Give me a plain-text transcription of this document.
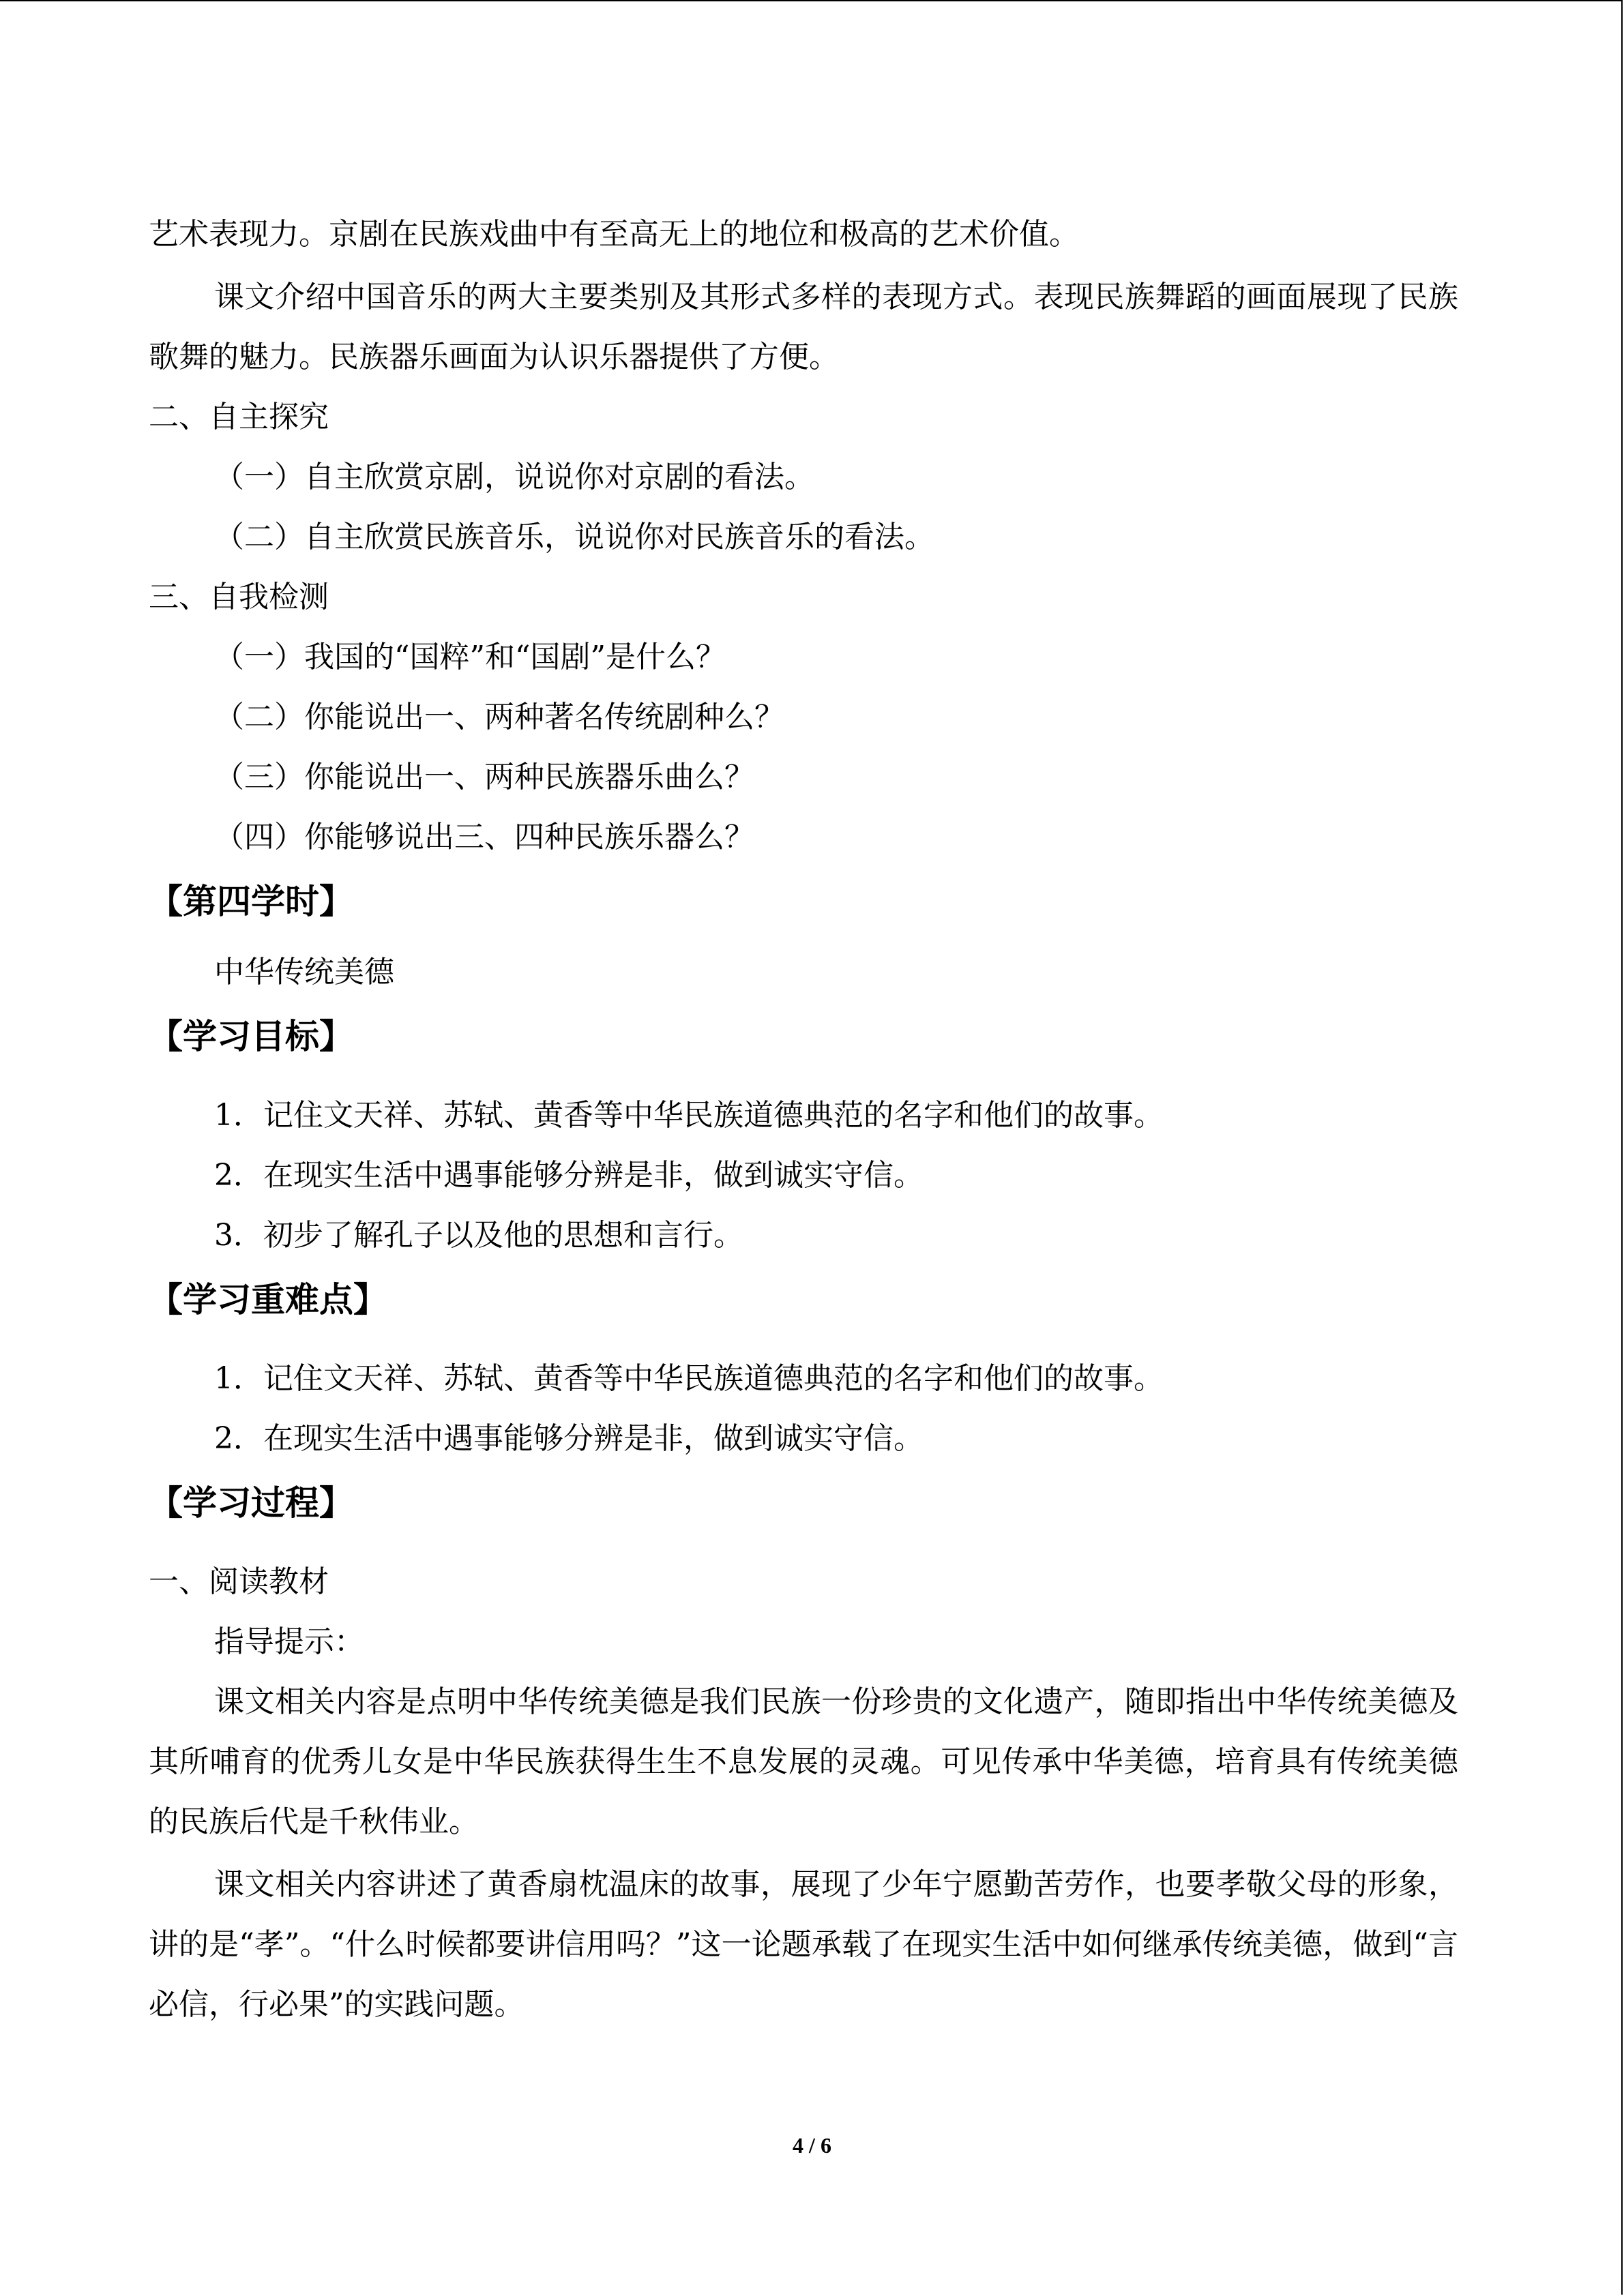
艺术表现力。京剧在民族戏曲中有至高无上的地位和极高的艺术价值。

课文介绍中国音乐的两大主要类别及其形式多样的表现方式。表现民族舞蹈的画面展现了民族歌舞的魅力。民族器乐画面为认识乐器提供了方便。

二、自主探究

（一）自主欣赏京剧，说说你对京剧的看法。

（二）自主欣赏民族音乐，说说你对民族音乐的看法。

三、自我检测

（一）我国的“国粹”和“国剧”是什么？

（二）你能说出一、两种著名传统剧种么？

（三）你能说出一、两种民族器乐曲么？

（四）你能够说出三、四种民族乐器么？

【第四学时】

中华传统美德

【学习目标】

1．记住文天祥、苏轼、黄香等中华民族道德典范的名字和他们的故事。

2．在现实生活中遇事能够分辨是非，做到诚实守信。

3．初步了解孔子以及他的思想和言行。

【学习重难点】

1．记住文天祥、苏轼、黄香等中华民族道德典范的名字和他们的故事。

2．在现实生活中遇事能够分辨是非，做到诚实守信。

【学习过程】

一、阅读教材

指导提示：

课文相关内容是点明中华传统美德是我们民族一份珍贵的文化遗产，随即指出中华传统美德及其所哺育的优秀儿女是中华民族获得生生不息发展的灵魂。可见传承中华美德，培育具有传统美德的民族后代是千秋伟业。

课文相关内容讲述了黄香扇枕温床的故事，展现了少年宁愿勤苦劳作，也要孝敬父母的形象，讲的是“孝”。“什么时候都要讲信用吗？”这一论题承载了在现实生活中如何继承传统美德，做到“言必信，行必果”的实践问题。

4 / 6
